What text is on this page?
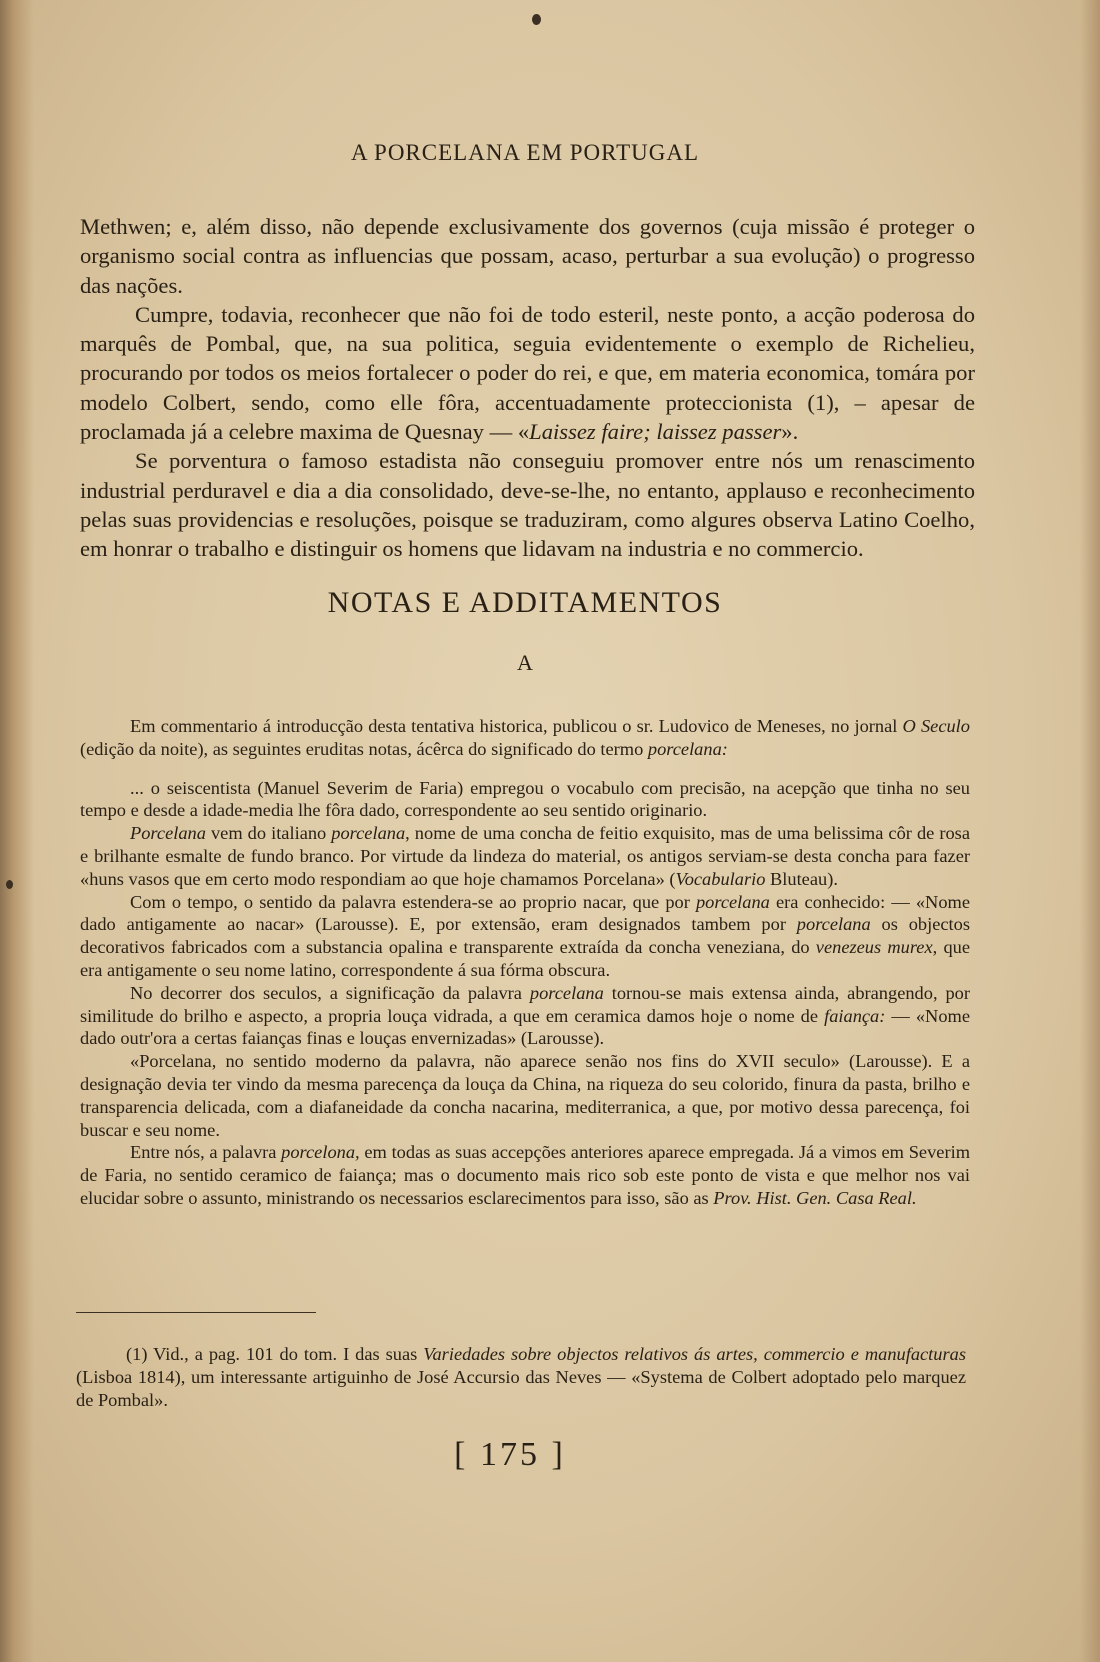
A PORCELANA EM PORTUGAL

Methwen; e, além disso, não depende exclusivamente dos governos (cuja missão é proteger o organismo social contra as influencias que possam, acaso, perturbar a sua evolução) o progresso das nações.

Cumpre, todavia, reconhecer que não foi de todo esteril, neste ponto, a acção poderosa do marquês de Pombal, que, na sua politica, seguia evidentemente o exemplo de Richelieu, procurando por todos os meios fortalecer o poder do rei, e que, em materia economica, tomára por modelo Colbert, sendo, como elle fôra, accentuadamente proteccionista (1), – apesar de proclamada já a celebre maxima de Quesnay — «Laissez faire; laissez passer».

Se porventura o famoso estadista não conseguiu promover entre nós um renascimento industrial perduravel e dia a dia consolidado, deve-se-lhe, no entanto, applauso e reconhecimento pelas suas providencias e resoluções, poisque se traduziram, como algures observa Latino Coelho, em honrar o trabalho e distinguir os homens que lidavam na industria e no commercio.

NOTAS E ADDITAMENTOS
A

Em commentario á introducção desta tentativa historica, publicou o sr. Ludovico de Meneses, no jornal O Seculo (edição da noite), as seguintes eruditas notas, ácêrca do significado do termo porcelana:

... o seiscentista (Manuel Severim de Faria) empregou o vocabulo com precisão, na acepção que tinha no seu tempo e desde a idade-media lhe fôra dado, correspondente ao seu sentido originario.

Porcelana vem do italiano porcelana, nome de uma concha de feitio exquisito, mas de uma belissima côr de rosa e brilhante esmalte de fundo branco. Por virtude da lindeza do material, os antigos serviam-se desta concha para fazer «huns vasos que em certo modo respondiam ao que hoje chamamos Porcelana» (Vocabulario Bluteau).

Com o tempo, o sentido da palavra estendera-se ao proprio nacar, que por porcelana era conhecido: — «Nome dado antigamente ao nacar» (Larousse). E, por extensão, eram designados tambem por porcelana os objectos decorativos fabricados com a substancia opalina e transparente extraída da concha veneziana, do venezeus murex, que era antigamente o seu nome latino, correspondente á sua fórma obscura.

No decorrer dos seculos, a significação da palavra porcelana tornou-se mais extensa ainda, abrangendo, por similitude do brilho e aspecto, a propria louça vidrada, a que em ceramica damos hoje o nome de faiança: — «Nome dado outr'ora a certas faianças finas e louças envernizadas» (Larousse).

«Porcelana, no sentido moderno da palavra, não aparece senão nos fins do XVII seculo» (Larousse). E a designação devia ter vindo da mesma parecença da louça da China, na riqueza do seu colorido, finura da pasta, brilho e transparencia delicada, com a diafaneidade da concha nacarina, mediterranica, a que, por motivo dessa parecença, foi buscar e seu nome.

Entre nós, a palavra porcelona, em todas as suas accepções anteriores aparece empregada. Já a vimos em Severim de Faria, no sentido ceramico de faiança; mas o documento mais rico sob este ponto de vista e que melhor nos vai elucidar sobre o assunto, ministrando os necessarios esclarecimentos para isso, são as Prov. Hist. Gen. Casa Real.

(1) Vid., a pag. 101 do tom. I das suas Variedades sobre objectos relativos ás artes, commercio e manufacturas (Lisboa 1814), um interessante artiguinho de José Accursio das Neves — «Systema de Colbert adoptado pelo marquez de Pombal».

[ 175 ]
